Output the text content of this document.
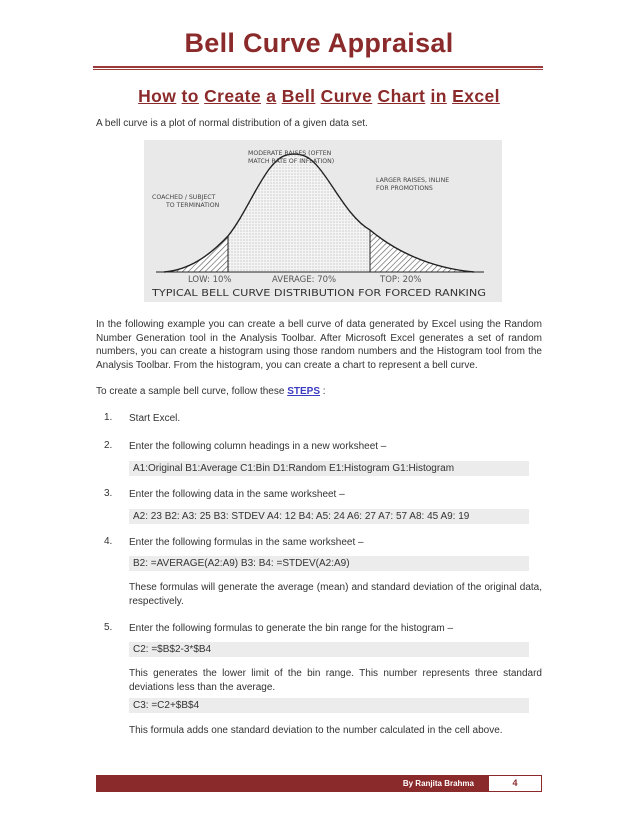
Bell Curve Appraisal
How to Create a Bell Curve Chart in Excel
A bell curve is a plot of normal distribution of a given data set.
MODERATE RAISES (OFTEN
MATCH RATE OF INFLATION)
COACHED / SUBJECT
TO TERMINATION
LARGER RAISES, INLINE
FOR PROMOTIONS
LOW: 10%	AVERAGE: 70%	TOP: 20%
TYPICAL BELL CURVE DISTRIBUTION FOR FORCED RANKING
In the following example you can create a bell curve of data generated by Excel using the Random Number Generation tool in the Analysis Toolbar. After Microsoft Excel generates a set of random numbers, you can create a histogram using those random numbers and the Histogram tool from the Analysis Toolbar. From the histogram, you can create a chart to represent a bell curve.
To create a sample bell curve, follow these STEPS :
1. Start Excel.
2. Enter the following column headings in a new worksheet –
A1:Original B1:Average C1:Bin D1:Random E1:Histogram G1:Histogram
3. Enter the following data in the same worksheet –
A2: 23 B2: A3: 25 B3: STDEV A4: 12 B4: A5: 24 A6: 27 A7: 57 A8: 45 A9: 19
4. Enter the following formulas in the same worksheet –
B2: =AVERAGE(A2:A9) B3: B4: =STDEV(A2:A9)
These formulas will generate the average (mean) and standard deviation of the original data, respectively.
5. Enter the following formulas to generate the bin range for the histogram –
C2: =$B$2-3*$B4
This generates the lower limit of the bin range. This number represents three standard deviations less than the average.
C3: =C2+$B$4
This formula adds one standard deviation to the number calculated in the cell above.
By Ranjita Brahma	4
